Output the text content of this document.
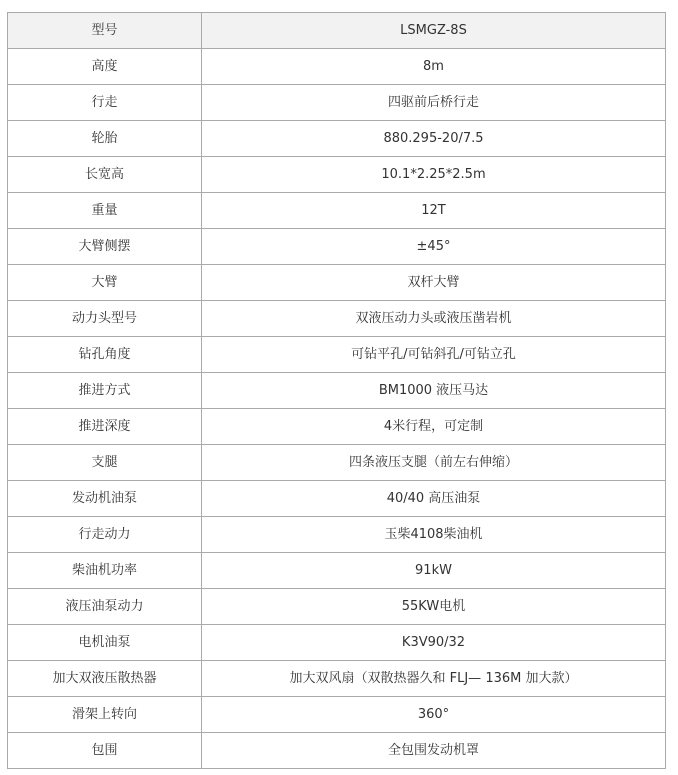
型号	LSMGZ-8S
高度	8m
行走	四驱前后桥行走
轮胎	880.295-20/7.5
长宽高	10.1*2.25*2.5m
重量	12T
大臂侧摆	±45°
大臂	双杆大臂
动力头型号	双液压动力头或液压凿岩机
钻孔角度	可钻平孔/可钻斜孔/可钻立孔
推进方式	BM1000 液压马达
推进深度	4米行程，可定制
支腿	四条液压支腿（前左右伸缩）
发动机油泵	40/40 高压油泵
行走动力	玉柴4108柴油机
柴油机功率	91kW
液压油泵动力	55KW电机
电机油泵	K3V90/32
加大双液压散热器	加大双风扇（双散热器久和 FLJ— 136M 加大款）
滑架上转向	360°
包围	全包围发动机罩
